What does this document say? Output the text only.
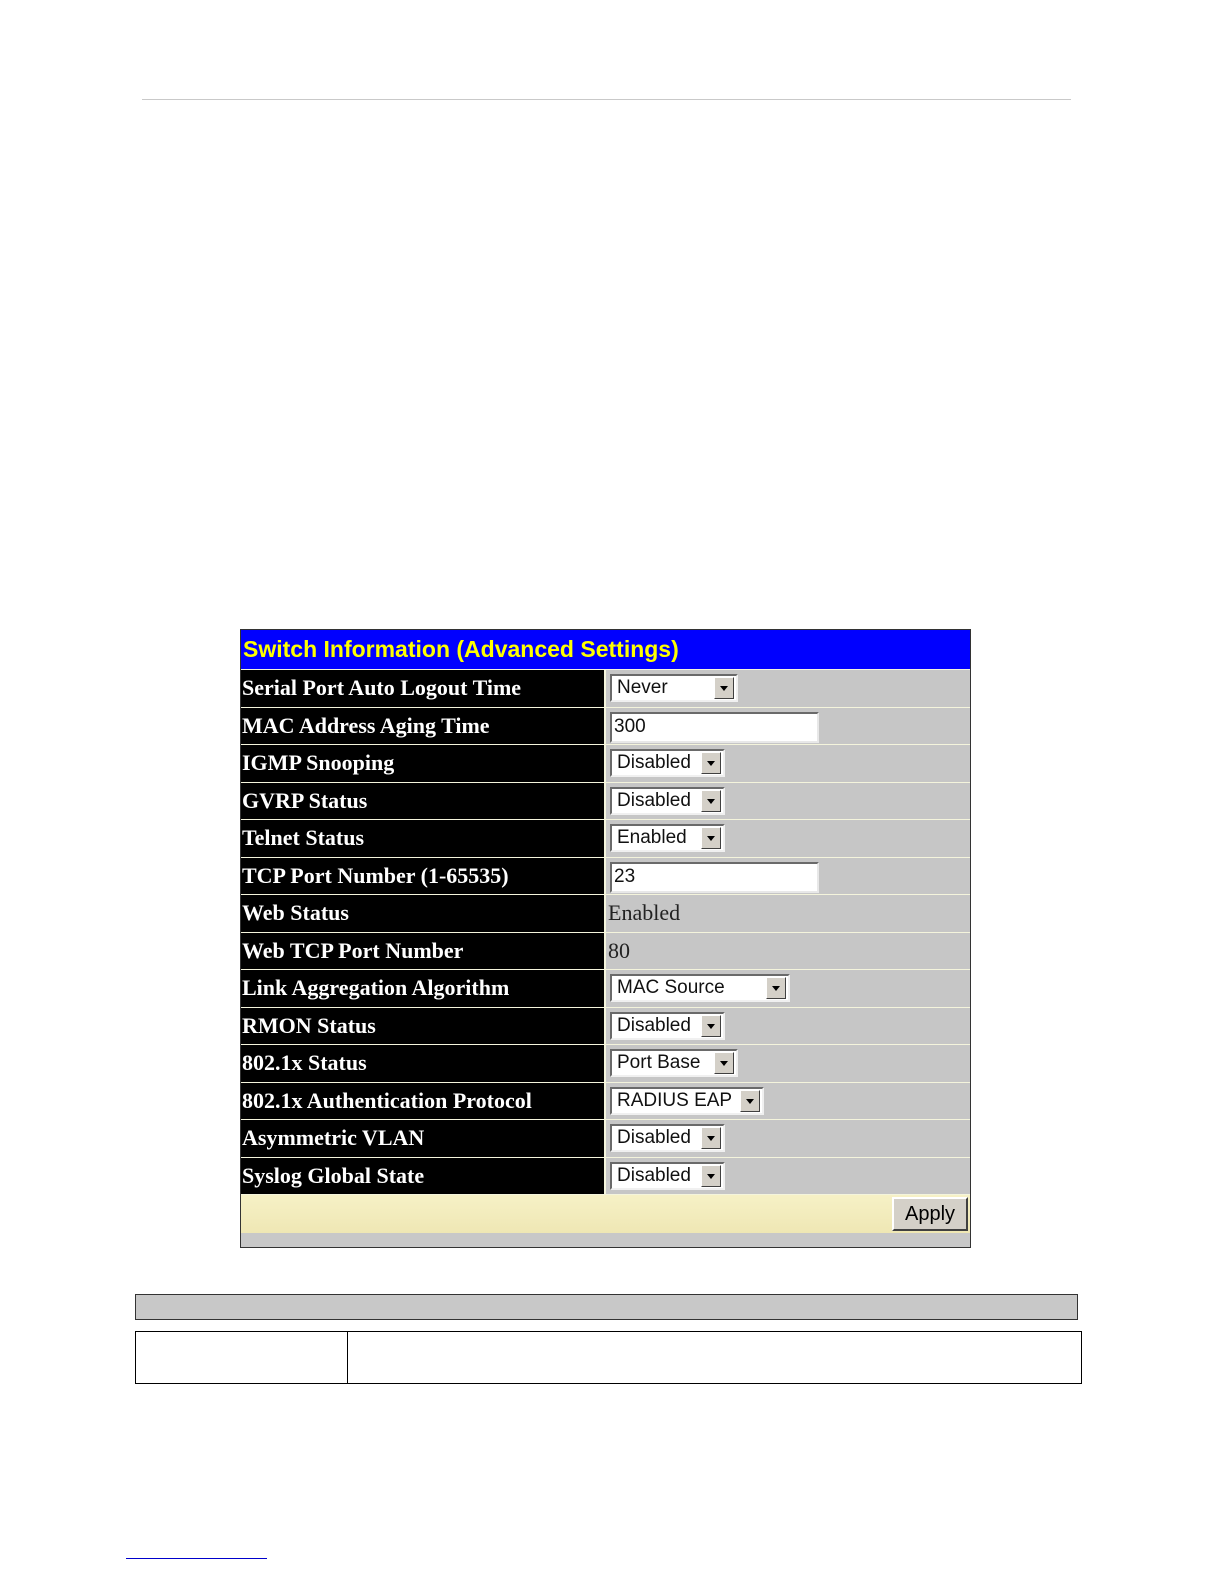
Switch Information (Advanced Settings)
Serial Port Auto Logout Time	Never
MAC Address Aging Time	300
IGMP Snooping	Disabled
GVRP Status	Disabled
Telnet Status	Enabled
TCP Port Number (1-65535)	23
Web Status	Enabled
Web TCP Port Number	80
Link Aggregation Algorithm	MAC Source
RMON Status	Disabled
802.1x Status	Port Base
802.1x Authentication Protocol	RADIUS EAP
Asymmetric VLAN	Disabled
Syslog Global State	Disabled
Apply
